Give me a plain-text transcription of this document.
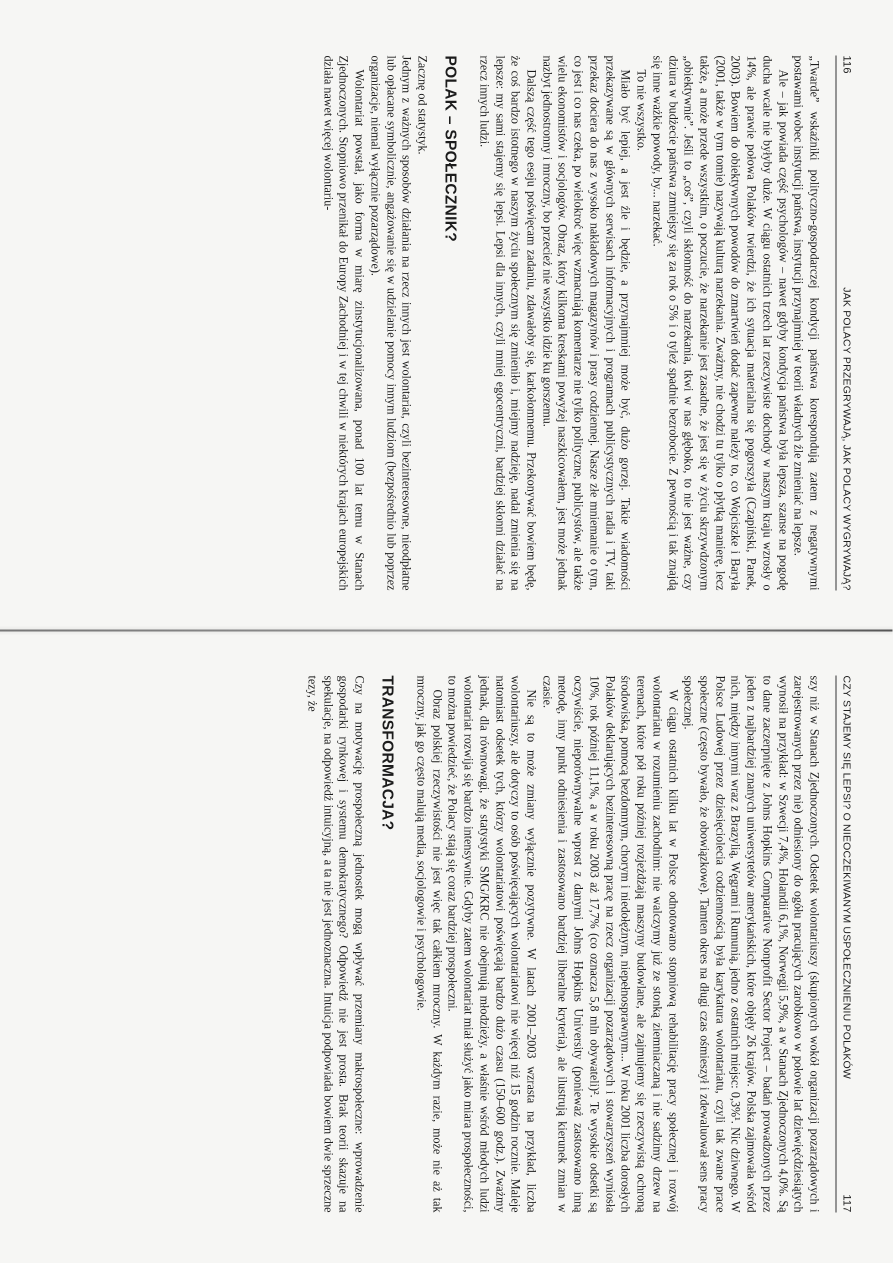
116
JAK POLACY PRZEGRYWAJĄ, JAK POLACY WYGRYWAJĄ?

„Twarde” wskaźniki polityczno-gospodarczej kondycji państwa korespondują zatem z negatywnymi postawami wobec instytucji państwa, instytucji przynajmniej w teorii władnych źle zmieniać na lepsze.

Ale – jak powiada część psychologów – nawet gdyby kondycja państwa była lepsza, szanse na pogodę ducha wcale nie byłyby duże. W ciągu ostatnich trzech lat rzeczywiste dochody w naszym kraju wzrosły o 14%, ale prawie połowa Polaków twierdzi, że ich sytuacja materialna się pogorszyła (Czapiński, Panek, 2003). Bowiem do obiektywnych powodów do zmartwień dodać zapewne należy to, co Wojciszke i Baryła (2001, także w tym tomie) nazywają kulturą narzekania. Zważmy, nie chodzi tu tylko o płytką manierę, lecz także, a może przede wszystkim, o poczucie, że narzekanie jest zasadne, że jest się w życiu skrzywdzonym „obiektywnie”. Jeśli to „coś”, czyli skłonność do narzekania, tkwi w nas głęboko, to nie jest ważne, czy dziura w budżecie państwa zmniejszy się za rok o 5% i o tyleż spadnie bezrobocie. Z pewnością i tak znajdą się inne ważkie powody, by... narzekać.

To nie wszystko.

Miało być lepiej, a jest źle i będzie, a przynajmniej może być, dużo gorzej. Takie wiadomości przekazywane są w głównych serwisach informacyjnych i programach publicystycznych radia i TV, taki przekaz dociera do nas z wysoko nakładowych magazynów i prasy codziennej. Nasze złe mniemanie o tym, co jest i co nas czeka, po wielokroć więc wzmacniają komentarze nie tylko polityczne, publicystów, ale także wielu ekonomistów i socjologów. Obraz, który kilkoma kreskami powyżej naszkicowałem, jest może jednak nazbyt jednostronny i mroczny, bo przecież nie wszystko idzie ku gorszemu.

Dalszą część tego eseju poświęcam zadaniu, zdawałoby się, karkołomnemu. Przekonywać bowiem będę, że coś bardzo istotnego w naszym życiu społecznym się zmieniło i, miejmy nadzieję, nadal zmienia się na lepsze: my sami stajemy się lepsi. Lepsi dla innych, czyli mniej egocentryczni, bardziej skłonni działać na rzecz innych ludzi.

POLAK – SPOŁECZNIK?

Zacznę od statystyk.

Jednym z ważnych sposobów działania na rzecz innych jest wolontariat, czyli bezinteresowne, nieodpłatne lub opłacane symbolicznie, angażowanie się w udzielanie pomocy innym ludziom (bezpośrednio lub poprzez organizacje, niemal wyłącznie pozarządowe).

Wolontariat powstał, jako forma w miarę zinstytucjonalizowana, ponad 100 lat temu w Stanach Zjednoczonych. Stopniowo przenikał do Europy Zachodniej i w tej chwili w niektórych krajach europejskich działa nawet więcej wolontariu-

CZY STAJEMY SIĘ LEPSI? O NIEOCZEKIWANYM USPOŁECZNIENIU POLAKÓW
117

szy niż w Stanach Zjednoczonych. Odsetek wolontariuszy (skupionych wokół organizacji pozarządowych i zarejestrowanych przez nie) odniesiony do ogółu pracujących zarobkowo w połowie lat dziewięćdziesiątych wynosił na przykład: w Szwecji 7,4%, Holandii 6,1%, Norwegii 5,9%, a w Stanach Zjednoczonych 4,0%. Są to dane zaczerpnięte z Johns Hopkins Comparative Nonprofit Sector Project – badań prowadzonych przez jeden z najbardziej znanych uniwersytetów amerykańskich, które objęły 26 krajów. Polska zajmowała wśród nich, między innymi wraz z Brazylią, Węgrami i Rumunią, jedno z ostatnich miejsc: 0,3%¹. Nic dziwnego. W Polsce Ludowej przez dziesięciolecia codziennością była karykatura wolontariatu, czyli tak zwane prace społeczne (często bywało, że obowiązkowe). Tamten okres na długi czas ośmieszył i zdewaluował sens pracy społecznej.

W ciągu ostatnich kilku lat w Polsce odnotowano stopniową rehabilitację pracy społecznej i rozwój wolontariatu w rozumieniu zachodnim: nie walczymy już ze stonką ziemniaczaną i nie sadzimy drzew na terenach, które pół roku później rozjeżdżają maszyny budowlane, ale zajmujemy się rzeczywistą ochroną środowiska, pomocą bezdomnym, chorym i niedołężnym, niepełnosprawnym... W roku 2001 liczba dorosłych Polaków deklarujących bezinteresowną pracę na rzecz organizacji pozarządowych i stowarzyszeń wyniosła 10%, rok później 11,1%, a w roku 2003 aż 17,7% (co oznacza 5,8 mln obywateli)². Te wysokie odsetki są oczywiście, nieporównywalne wprost z danymi Johns Hopkins University (ponieważ zastosowano inną metodę, inny punkt odniesienia i zastosowano bardziej liberalne kryteria), ale ilustrują kierunek zmian w czasie.

Nie są to może zmiany wyłącznie pozytywne. W latach 2001–2003 wzrasta na przykład, liczba wolontariuszy, ale dotyczy to osób poświęcających wolontariatowi nie więcej niż 15 godzin rocznie. Maleje natomiast odsetek tych, którzy wolontariatowi poświęcają bardzo dużo czasu (150–600 godz.). Zważmy jednak, dla równowagi, że statystyki SMG/KRC nie obejmują młodzieży, a właśnie wśród młodych ludzi wolontariat rozwija się bardzo intensywnie. Gdyby zatem wolontariat miał służyć jako miara prospołeczności, to można powiedzieć, że Polacy stają się coraz bardziej prospołeczni.

Obraz polskiej rzeczywistości nie jest więc tak całkiem mroczny. W każdym razie, może nie aż tak mroczny, jak go często malują media, socjologowie i psychologowie.

TRANSFORMACJA?

Czy na motywację prospołeczną jednostek mogą wpływać przemiany makrospołeczne: wprowadzenie gospodarki rynkowej i systemu demokratycznego? Odpowiedź nie jest prosta. Brak teorii skazuje na spekulacje, na odpowiedź intuicyjną, a ta nie jest jednoznaczna. Intuicja podpowiada bowiem dwie sprzeczne tezy, że
